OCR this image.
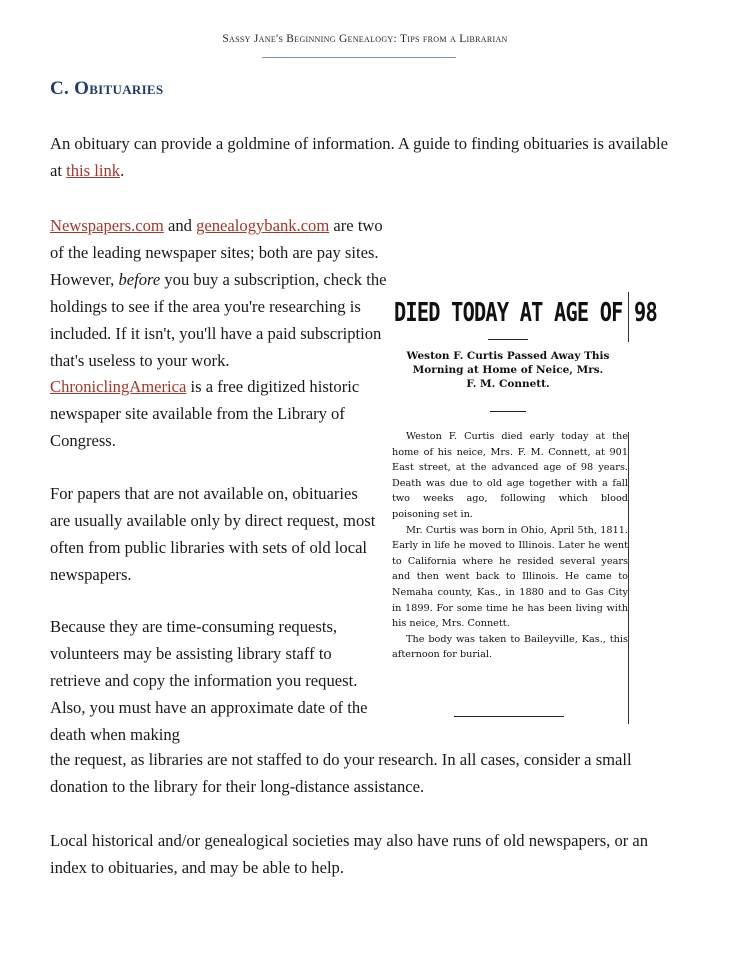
Sassy Jane's Beginning Genealogy: Tips from a Librarian
C. Obituaries
An obituary can provide a goldmine of information. A guide to finding obituaries is available at this link.
Newspapers.com and genealogybank.com are two of the leading newspaper sites; both are pay sites. However, before you buy a subscription, check the holdings to see if the area you're researching is included. If it isn't, you'll have a paid subscription that's useless to your work.
ChroniclingAmerica is a free digitized historic newspaper site available from the Library of Congress.
For papers that are not available on, obituaries are usually available only by direct request, most often from public libraries with sets of old local newspapers.
Because they are time-consuming requests, volunteers may be assisting library staff to retrieve and copy the information you request. Also, you must have an approximate date of the death when making
the request, as libraries are not staffed to do your research. In all cases, consider a small donation to the library for their long-distance assistance.
Local historical and/or genealogical societies may also have runs of old newspapers, or an index to obituaries, and may be able to help.
DIED TODAY AT AGE OF 98
Weston F. Curtis Passed Away This
Morning at Home of Neice, Mrs.
F. M. Connett.

Weston F. Curtis died early today at the home of his neice, Mrs. F. M. Connett, at 901 East street, at the advanced age of 98 years. Death was due to old age together with a fall two weeks ago, following which blood poisoning set in.

Mr. Curtis was born in Ohio, April 5th, 1811. Early in life he moved to Illinois. Later he went to California where he resided several years and then went back to Illinois. He came to Nemaha county, Kas., in 1880 and to Gas City in 1899. For some time he has been living with his neice, Mrs. Connett.

The body was taken to Baileyville, Kas., this afternoon for burial.
